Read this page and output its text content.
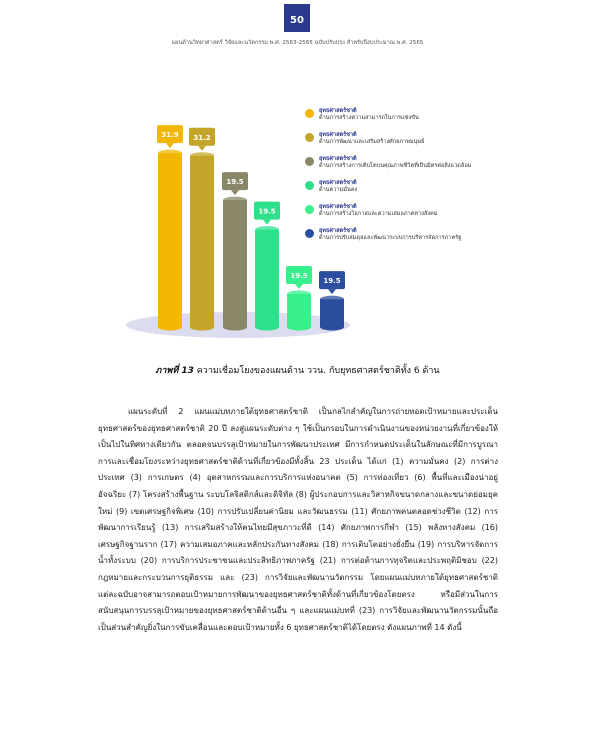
50
แผนด้านวิทยาศาสตร์ วิจัยและนวัตกรรม พ.ศ. 2563-2565 ฉบับปรับปรุง สำหรับปีงบประมาณ พ.ศ. 2565
31.9 31.2
19.5
19.5
19.5
19.5
ยุทธศาสตร์ชาติ
ด้านการสร้างความสามารถในการแข่งขัน
ยุทธศาสตร์ชาติ
ด้านการพัฒนาและเสริมสร้างศักยภาพมนุษย์
ยุทธศาสตร์ชาติ
ด้านการสร้างการเติบโตบนคุณภาพชีวิตที่เป็นมิตรต่อสิ่งแวดล้อม
ยุทธศาสตร์ชาติ
ด้านความมั่นคง
ยุทธศาสตร์ชาติ
ด้านการสร้างโอกาสและความเสมอภาคทางสังคม
ยุทธศาสตร์ชาติ
ด้านการปรับสมดุลและพัฒนาระบบการบริหารจัดการภาครัฐ
ภาพที่ 13 ความเชื่อมโยงของแผนด้าน ววน. กับยุทธศาสตร์ชาติทั้ง 6 ด้าน
แผนระดับที่ 2 แผนแม่บทภายใต้ยุทธศาสตร์ชาติ เป็นกลไกสำคัญในการถ่ายทอดเป้าหมายและประเด็นยุทธศาสตร์ของยุทธศาสตร์ชาติ 20 ปี ลงสู่แผนระดับต่าง ๆ ใช้เป็นกรอบในการดำเนินงานของหน่วยงานที่เกี่ยวข้องให้เป็นไปในทิศทางเดียวกัน ตลอดจนบรรลุเป้าหมายในการพัฒนาประเทศ มีการกำหนดประเด็นในลักษณะที่มีการบูรณาการและเชื่อมโยงระหว่างยุทธศาสตร์ชาติด้านที่เกี่ยวข้องมีทั้งสิ้น 23 ประเด็น ได้แก่ (1) ความมั่นคง (2) การต่างประเทศ (3) การเกษตร (4) อุตสาหกรรมและการบริการแห่งอนาคต (5) การท่องเที่ยว (6) พื้นที่และเมืองน่าอยู่อัจฉริยะ (7) โครงสร้างพื้นฐาน ระบบโลจิสติกส์และดิจิทัล (8) ผู้ประกอบการและวิสาหกิจขนาดกลางและขนาดย่อมยุคใหม่ (9) เขตเศรษฐกิจพิเศษ (10) การปรับเปลี่ยนค่านิยม และวัฒนธรรม (11) ศักยภาพคนตลอดช่วงชีวิต (12) การพัฒนาการเรียนรู้ (13) การเสริมสร้างให้คนไทยมีสุขภาวะที่ดี (14) ศักยภาพการกีฬา (15) พลังทางสังคม (16) เศรษฐกิจฐานราก (17) ความเสมอภาคและหลักประกันทางสังคม (18) การเติบโตอย่างยั่งยืน (19) การบริหารจัดการน้ำทั้งระบบ (20) การบริการประชาชนและประสิทธิภาพภาครัฐ (21) การต่อต้านการทุจริตและประพฤติมิชอบ (22) กฎหมายและกระบวนการยุติธรรม และ (23) การวิจัยและพัฒนานวัตกรรม โดยแผนแม่บทภายใต้ยุทธศาสตร์ชาติแต่ละฉบับอาจสามารถตอบเป้าหมายการพัฒนาของยุทธศาสตร์ชาติทั้งด้านที่เกี่ยวข้องโดยตรง หรือมีส่วนในการสนับสนุนการบรรลุเป้าหมายของยุทธศาสตร์ชาติด้านอื่น ๆ และแผนแม่บทที่ (23) การวิจัยและพัฒนานวัตกรรมนั้นถือเป็นส่วนสำคัญยิ่งในการขับเคลื่อนและตอบเป้าหมายทั้ง 6 ยุทธศาสตร์ชาติได้โดยตรง ดังแผนภาพที่ 14 ดังนี้
